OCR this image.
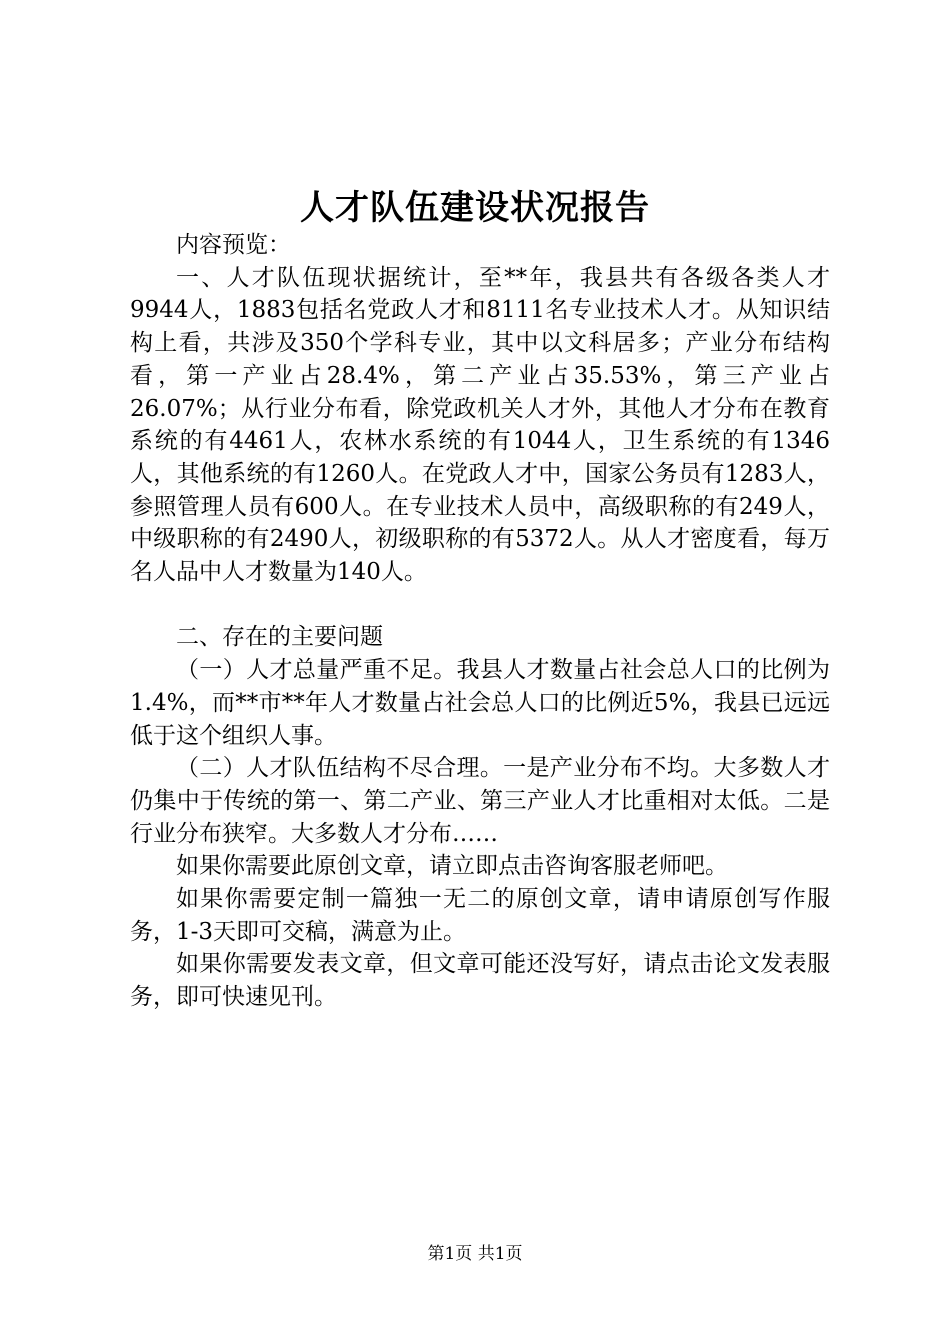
人才队伍建设状况报告

内容预览：

一、人才队伍现状据统计，至**年，我县共有各级各类人才9944人，1883包括名党政人才和8111名专业技术人才。从知识结构上看，共涉及350个学科专业，其中以文科居多；产业分布结构看，第一产业占28.4%，第二产业占35.53%，第三产业占26.07%；从行业分布看，除党政机关人才外，其他人才分布在教育系统的有4461人，农林水系统的有1044人，卫生系统的有1346人，其他系统的有1260人。在党政人才中，国家公务员有1283人，参照管理人员有600人。在专业技术人员中，高级职称的有249人，中级职称的有2490人，初级职称的有5372人。从人才密度看，每万名人品中人才数量为140人。

二、存在的主要问题

（一）人才总量严重不足。我县人才数量占社会总人口的比例为1.4%，而**市**年人才数量占社会总人口的比例近5%，我县已远远低于这个组织人事。

（二）人才队伍结构不尽合理。一是产业分布不均。大多数人才仍集中于传统的第一、第二产业、第三产业人才比重相对太低。二是行业分布狭窄。大多数人才分布……

如果你需要此原创文章，请立即点击咨询客服老师吧。

如果你需要定制一篇独一无二的原创文章，请申请原创写作服务，1-3天即可交稿，满意为止。

如果你需要发表文章，但文章可能还没写好，请点击论文发表服务，即可快速见刊。

第1页 共1页
